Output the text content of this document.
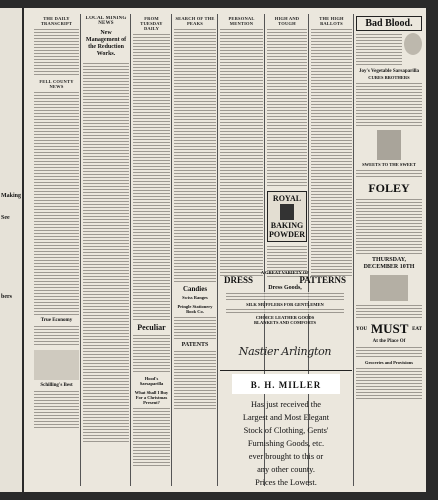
Making
See
bers
THE DAILY TRANSCRIPT
FELL COUNTY NEWS
True Economy
Schilling's Best
LOCAL MINING NEWS
New Management of the Reduction Works.
FROM TUESDAY DAILY
Peculiar
Hood's Sarsaparilla
What Shall I Buy For a Christmas Present?
SEARCH OF THE PEAKS
Candies
Swiss Ranges
Pringle Stationery Book Co.
PATENTS
PERSONAL MENTION
HIGH AND TOUGH
ROYAL
BAKING
POWDER
THE HIGH BALLOTS
A GREAT VARIETY OF
DRESS	PATTERNS
Dress Goods,
SILK MUFFLERS FOR GENTLEMEN
CHOICE LEATHER GOODS
BLANKETS AND COMFORTS
Nastier Arlington
B. H. MILLER
Has just received the
Largest and Most Elegant
Stock of Clothing, Gents'
Furnishing Goods, etc.
ever brought to this or
any other county.
Prices the Lowest.
Bad Blood.
Joy's Vegetable Sarsaparilla
CURES BROTHERS
SWEETS TO THE SWEET
FOLEY
THURSDAY, DECEMBER 10TH
YOU MUST EAT
At the Place Of
Groceries and Provisions
